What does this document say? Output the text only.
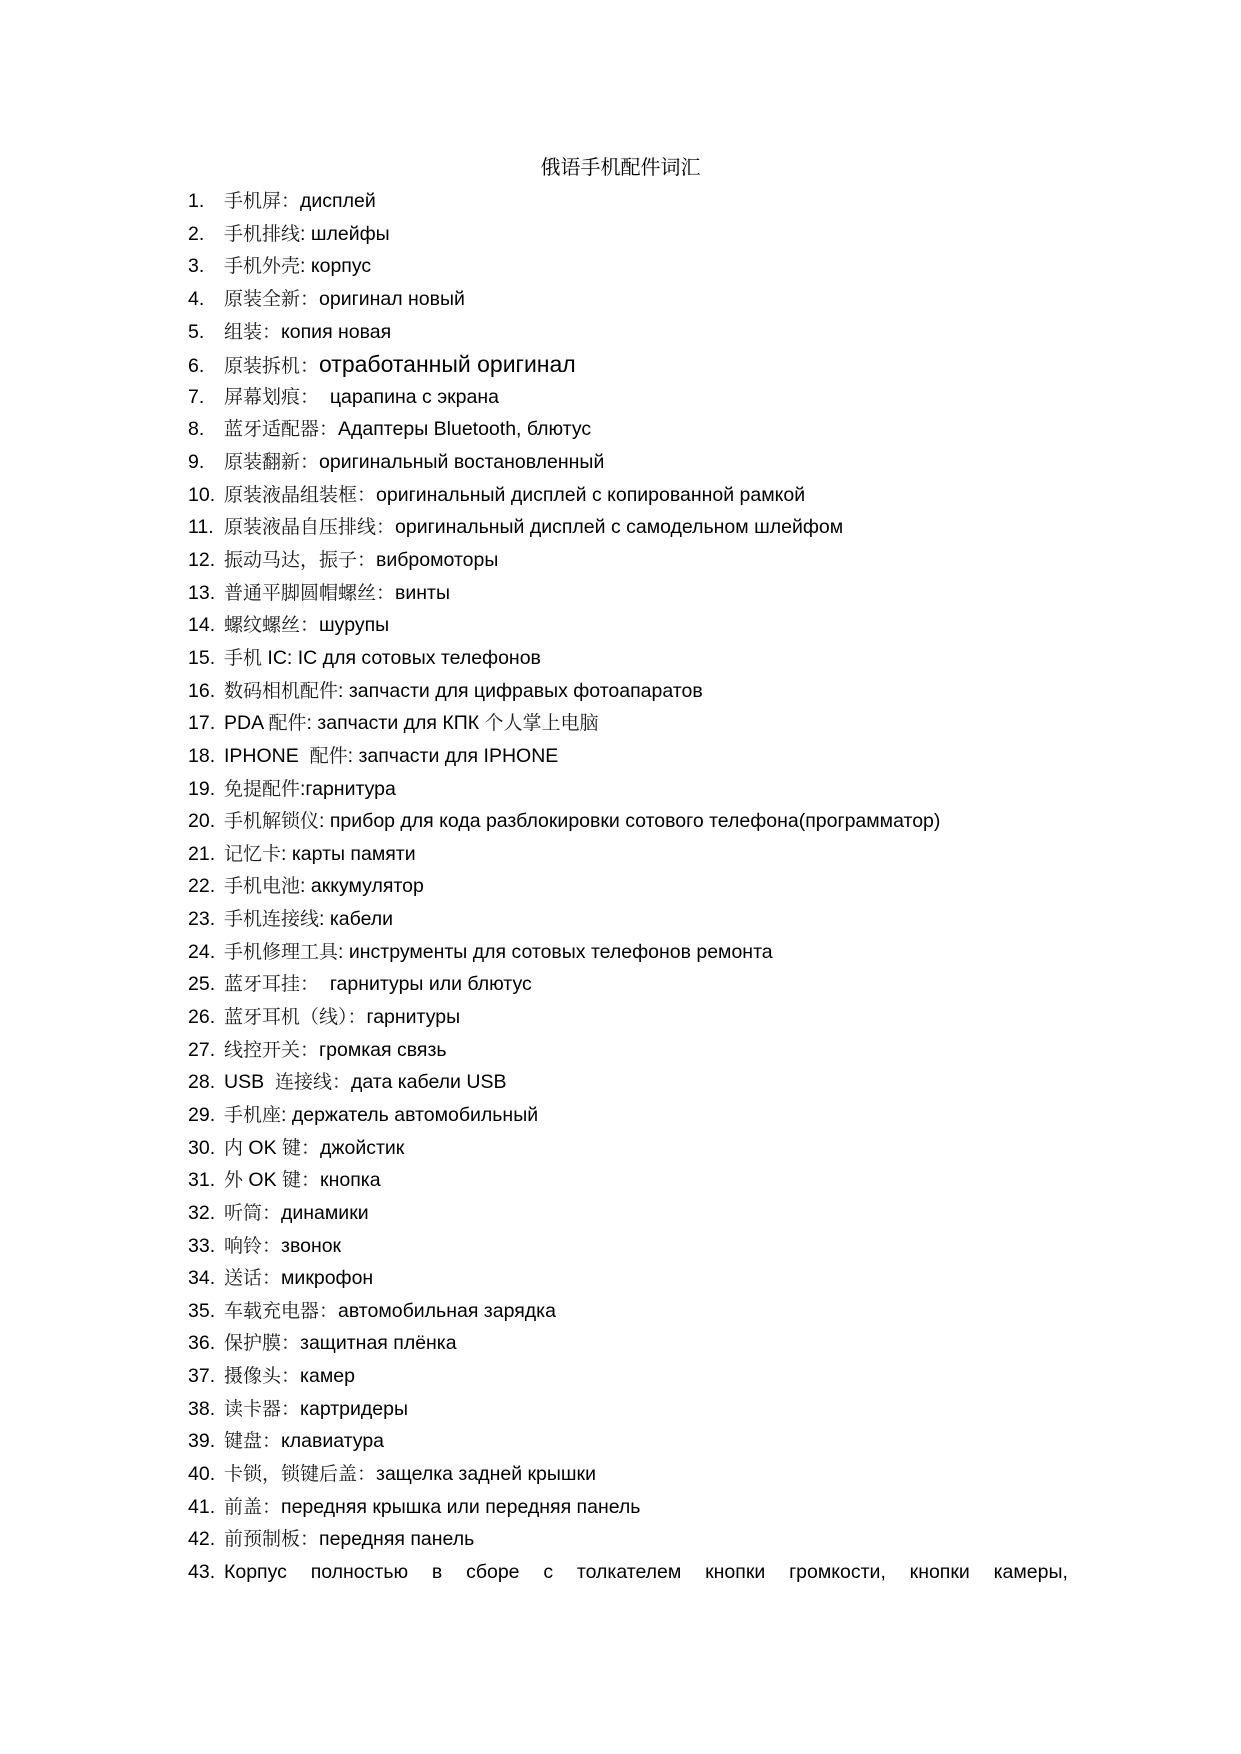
俄语手机配件词汇
1.	手机屏： дисплей
2.	手机排线 : шлейфы
3.	手机外壳 : корпус
4.	原装全新： оригинал новый
5.	组装： копия новая
6.	原装拆机： отработанный оригинал
7.	屏幕划痕： царапина с экрана
8.	蓝牙适配器： Адаптеры Bluetooth, блютус
9.	原装翻新： оригинальный востановленный
10. 原装液晶组装框： оригинальный дисплей с копированной рамкой
11. 原装液晶自压排线： оригинальный дисплей с самодельном шлейфом
12. 振动马达，振子： вибромоторы
13. 普通平脚圆帽螺丝： винты
14. 螺纹螺丝： шурупы
15. 手机 IC: IC для сотовых телефонов
16. 数码相机配件 : запчасти для цифравых фотоапаратов
17. PDA 配件 : запчасти для КПК 个人掌上电脑
18. IPHONE 配件 : запчасти для IPHONE
19. 免提配件 :гарнитура
20. 手机解锁仪 : прибор для кода разблокировки сотового телефона(программатор)
21. 记忆卡 : карты памяти
22. 手机电池 : аккумулятор
23. 手机连接线 : кабели
24. 手机修理工具 : инструменты для сотовых телефонов ремонта
25. 蓝牙耳挂： гарнитуры или блютус
26. 蓝牙耳机（线）： гарнитуры
27. 线控开关： громкая связь
28. USB 连接线： дата кабели USB
29. 手机座 : держатель автомобильный
30. 内 OK 键： джойстик
31. 外 OK 键： кнопка
32. 听筒： динамики
33. 响铃： звонок
34. 送话： микрофон
35. 车载充电器： автомобильная зарядка
36. 保护膜： защитная плёнка
37. 摄像头： камер
38. 读卡器： картридеры
39. 键盘： клавиатура
40. 卡锁，锁键后盖： защелка задней крышки
41. 前盖： передняя крышка или передняя панель
42. 前预制板： передняя панель
43. Корпус полностью в сборе с толкателем кнопки громкости, кнопки камеры,
